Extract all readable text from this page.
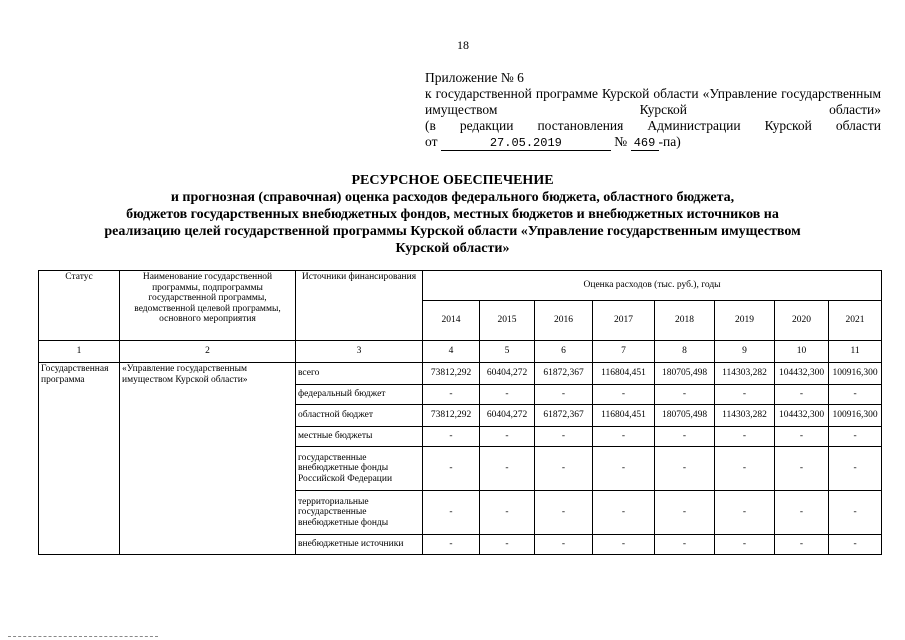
18
Приложение № 6
к государственной программе Курской области «Управление государственным имуществом Курской области»
(в редакции постановления Администрации Курской области
от	27.05.2019	№ 469 -па)
РЕСУРСНОЕ ОБЕСПЕЧЕНИЕ
и прогнозная (справочная) оценка расходов федерального бюджета, областного бюджета,
бюджетов государственных внебюджетных фондов, местных бюджетов и внебюджетных источников на
реализацию целей государственной программы Курской области «Управление государственным имуществом
Курской области»
Статус	Наименование государственной программы, подпрограммы государственной программы, ведомственной целевой программы, основного мероприятия	Источники финансирования	Оценка расходов (тыс. руб.), годы							
			2014	2015	2016	2017	2018	2019	2020	2021
1	2	3	4	5	6	7	8	9	10	11
Государственная программа	«Управление государственным имуществом Курской области»	всего	73812,292	60404,272	61872,367	116804,451	180705,498	114303,282	104432,300	100916,300
		федеральный бюджет	-	-	-	-	-	-	-	-
		областной бюджет	73812,292	60404,272	61872,367	116804,451	180705,498	114303,282	104432,300	100916,300
		местные бюджеты	-	-	-	-	-	-	-	-
		государственные внебюджетные фонды Российской Федерации	-	-	-	-	-	-	-	-
		территориальные государственные внебюджетные фонды	-	-	-	-	-	-	-	-
		внебюджетные источники	-	-	-	-	-	-	-	-
